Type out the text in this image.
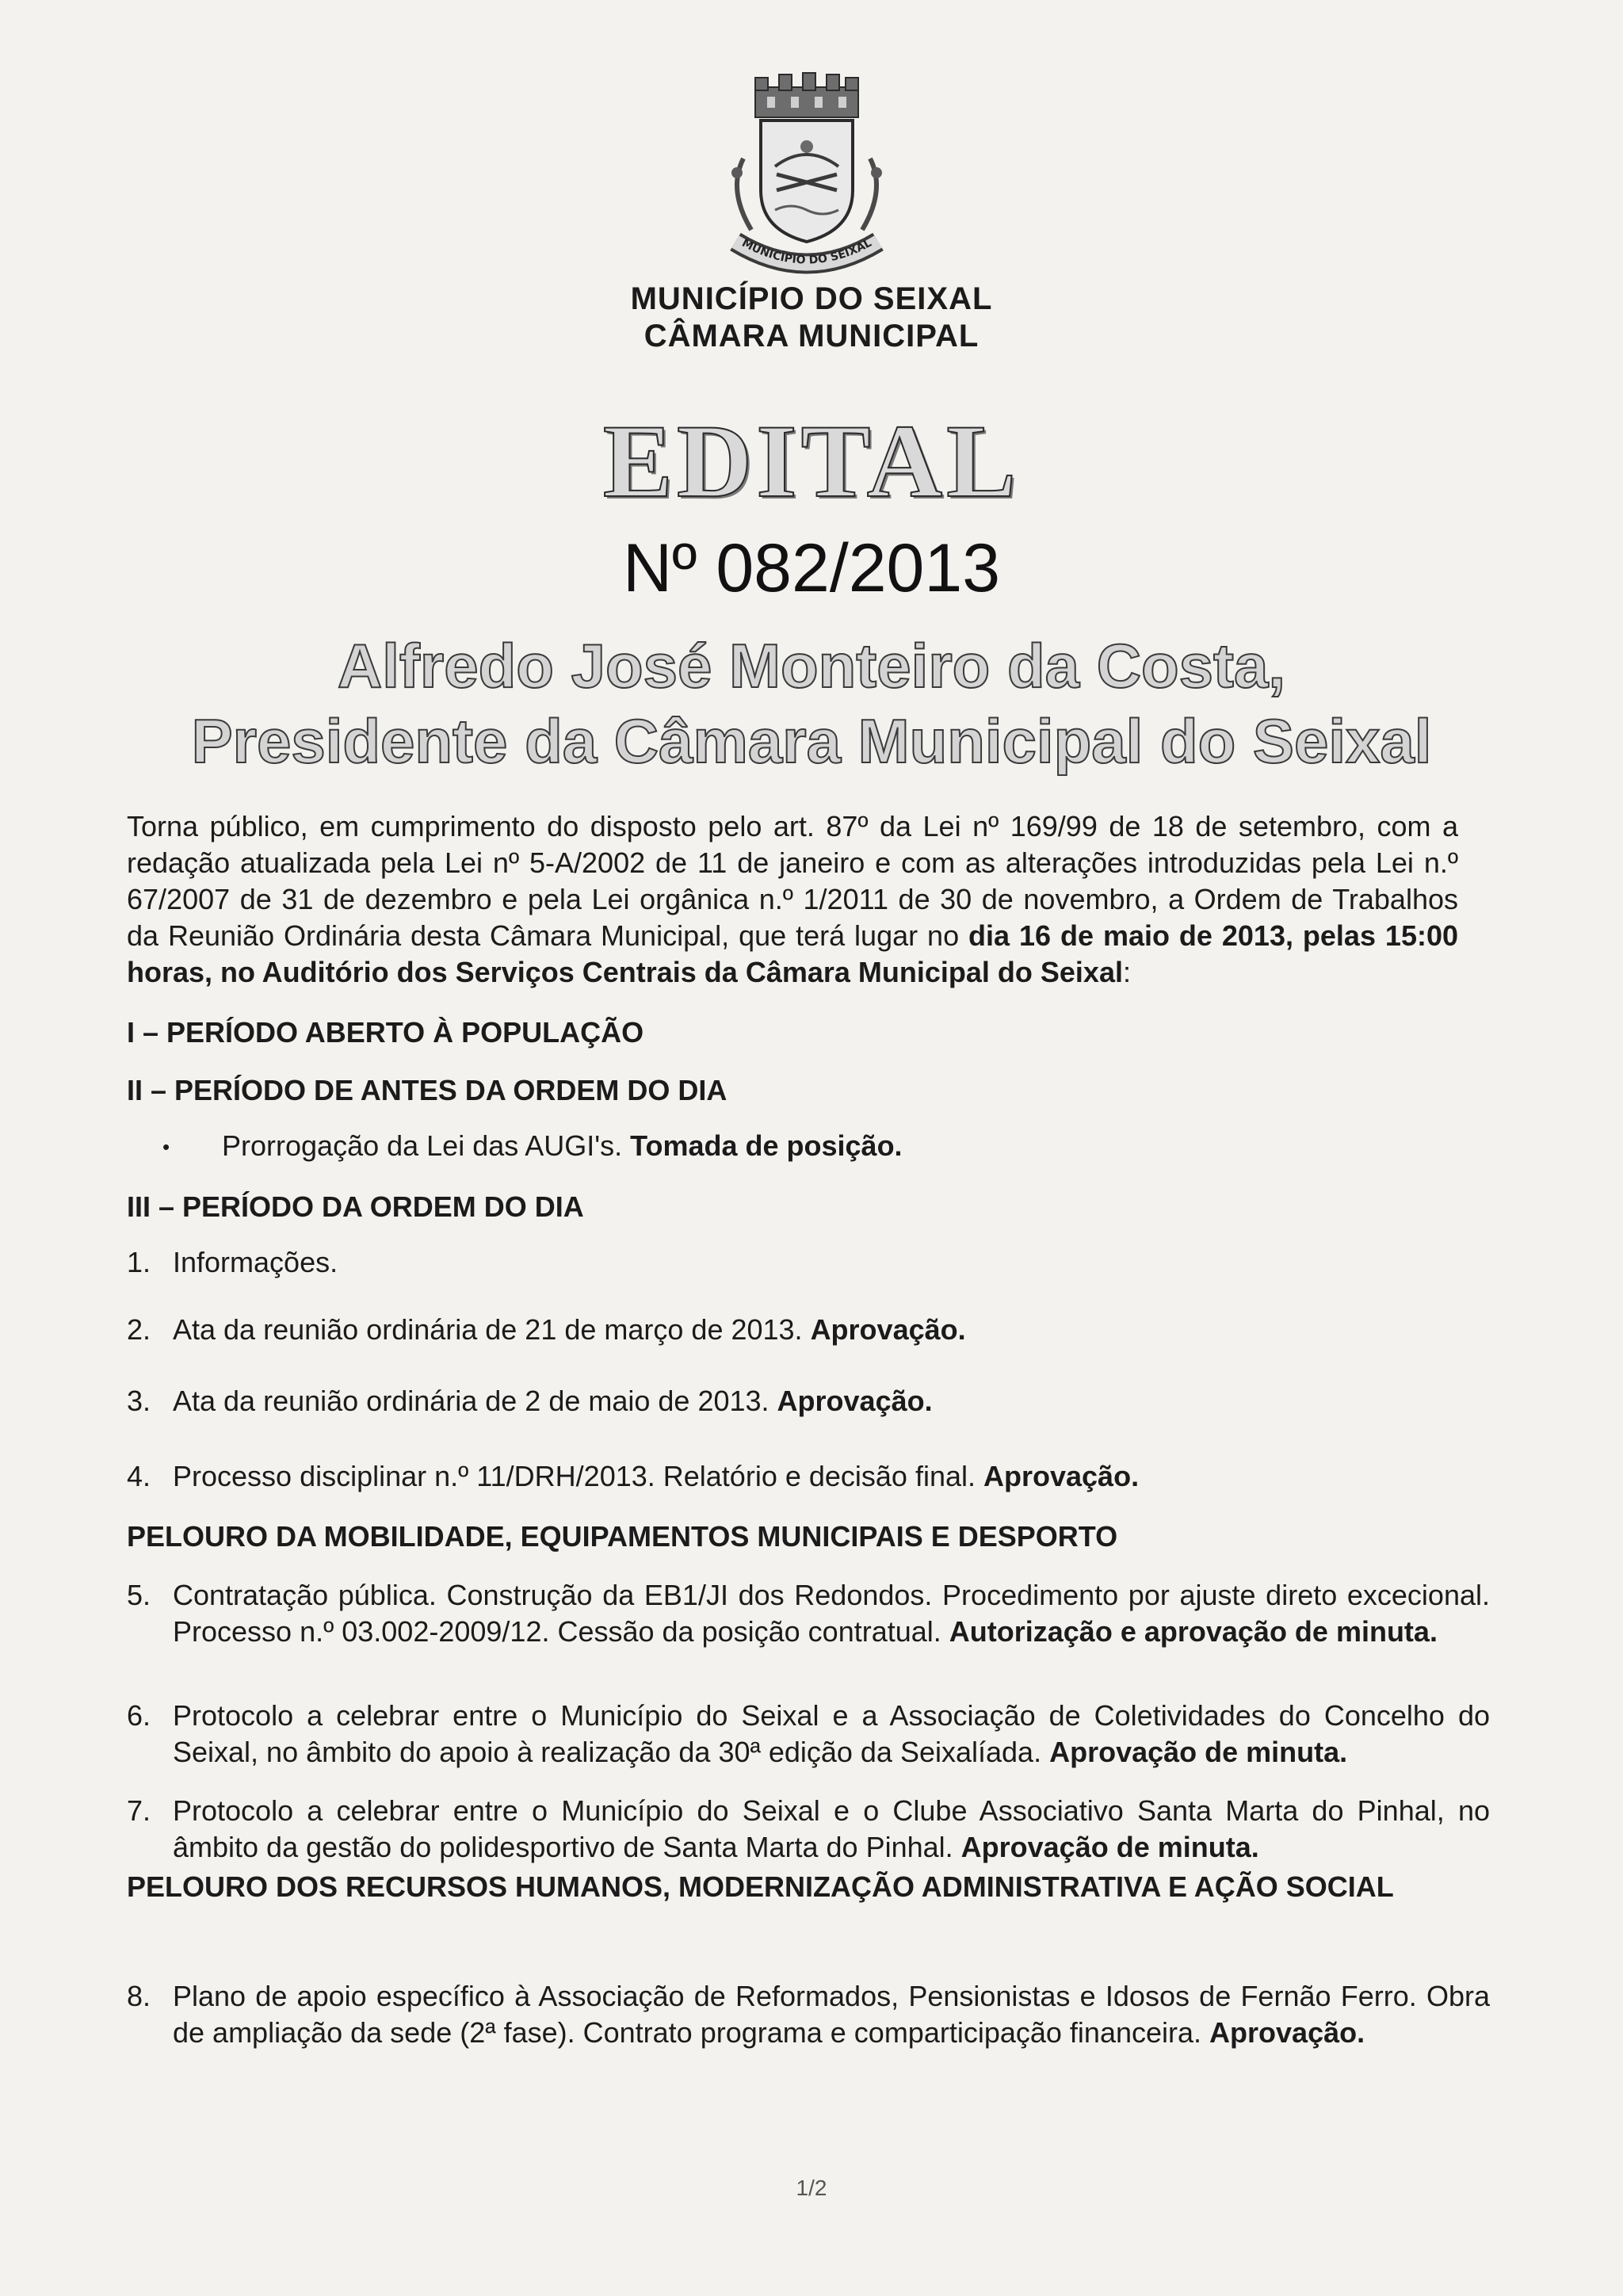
MUNICÍPIO DO SEIXAL
MUNICÍPIO DO SEIXAL
CÂMARA MUNICIPAL
EDITAL
Nº 082/2013
Alfredo José Monteiro da Costa,
Presidente da Câmara Municipal do Seixal
Torna público, em cumprimento do disposto pelo art. 87º da Lei nº 169/99 de 18 de setembro, com a redação atualizada pela Lei nº 5-A/2002 de 11 de janeiro e com as alterações introduzidas pela Lei n.º 67/2007 de 31 de dezembro e pela Lei orgânica n.º 1/2011 de 30 de novembro, a Ordem de Trabalhos da Reunião Ordinária desta Câmara Municipal, que terá lugar no dia 16 de maio de 2013, pelas 15:00 horas, no Auditório dos Serviços Centrais da Câmara Municipal do Seixal:
I – PERÍODO ABERTO À POPULAÇÃO
II – PERÍODO DE ANTES DA ORDEM DO DIA
• Prorrogação da Lei das AUGI's. Tomada de posição.
III – PERÍODO DA ORDEM DO DIA
1. Informações.
2. Ata da reunião ordinária de 21 de março de 2013. Aprovação.
3. Ata da reunião ordinária de 2 de maio de 2013. Aprovação.
4. Processo disciplinar n.º 11/DRH/2013. Relatório e decisão final. Aprovação.
PELOURO DA MOBILIDADE, EQUIPAMENTOS MUNICIPAIS E DESPORTO
5. Contratação pública. Construção da EB1/JI dos Redondos. Procedimento por ajuste direto excecional. Processo n.º 03.002-2009/12. Cessão da posição contratual. Autorização e aprovação de minuta.
6. Protocolo a celebrar entre o Município do Seixal e a Associação de Coletividades do Concelho do Seixal, no âmbito do apoio à realização da 30ª edição da Seixalíada. Aprovação de minuta.
7. Protocolo a celebrar entre o Município do Seixal e o Clube Associativo Santa Marta do Pinhal, no âmbito da gestão do polidesportivo de Santa Marta do Pinhal. Aprovação de minuta.
PELOURO DOS RECURSOS HUMANOS, MODERNIZAÇÃO ADMINISTRATIVA E AÇÃO SOCIAL
8. Plano de apoio específico à Associação de Reformados, Pensionistas e Idosos de Fernão Ferro. Obra de ampliação da sede (2ª fase). Contrato programa e comparticipação financeira. Aprovação.
1/2
